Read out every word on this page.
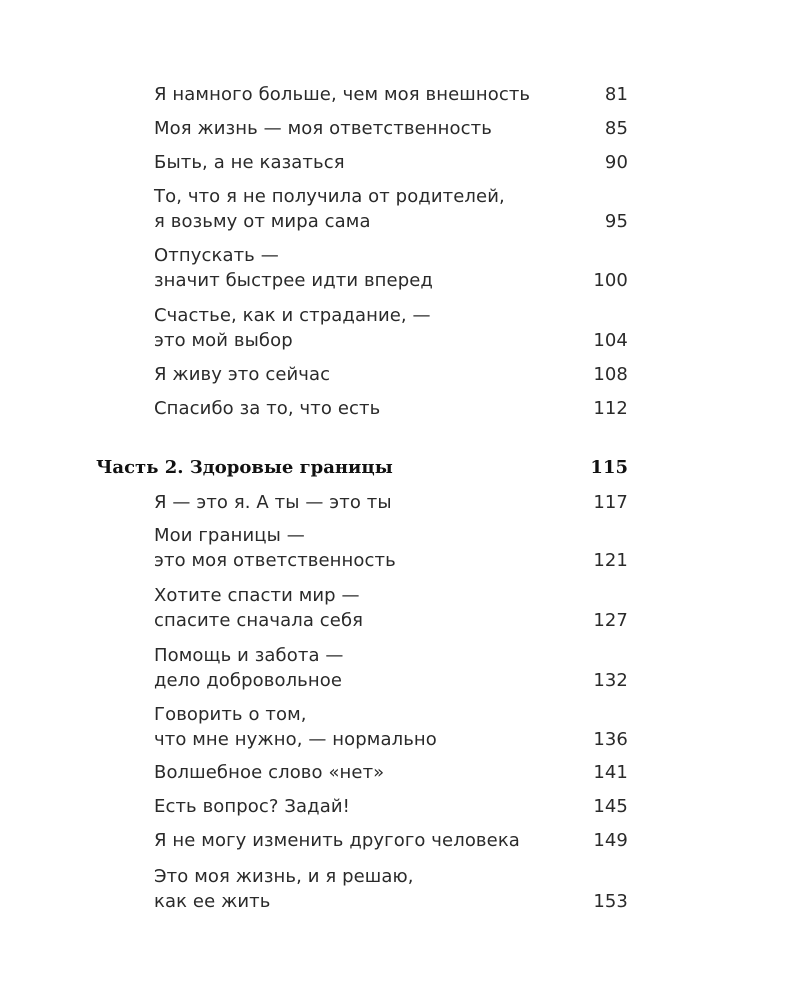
Я намного больше, чем моя внешность	81
Моя жизнь — моя ответственность	85
Быть, а не казаться	90
То, что я не получила от родителей,
я возьму от мира сама	95
Отпускать —
значит быстрее идти вперед	100
Счастье, как и страдание, —
это мой выбор	104
Я живу это сейчас	108
Спасибо за то, что есть	112
Часть 2. Здоровые границы	115
Я — это я. А ты — это ты	117
Мои границы —
это моя ответственность	121
Хотите спасти мир —
спасите сначала себя	127
Помощь и забота —
дело добровольное	132
Говорить о том,
что мне нужно, — нормально	136
Волшебное слово «нет»	141
Есть вопрос? Задай!	145
Я не могу изменить другого человека	149
Это моя жизнь, и я решаю,
как ее жить	153
